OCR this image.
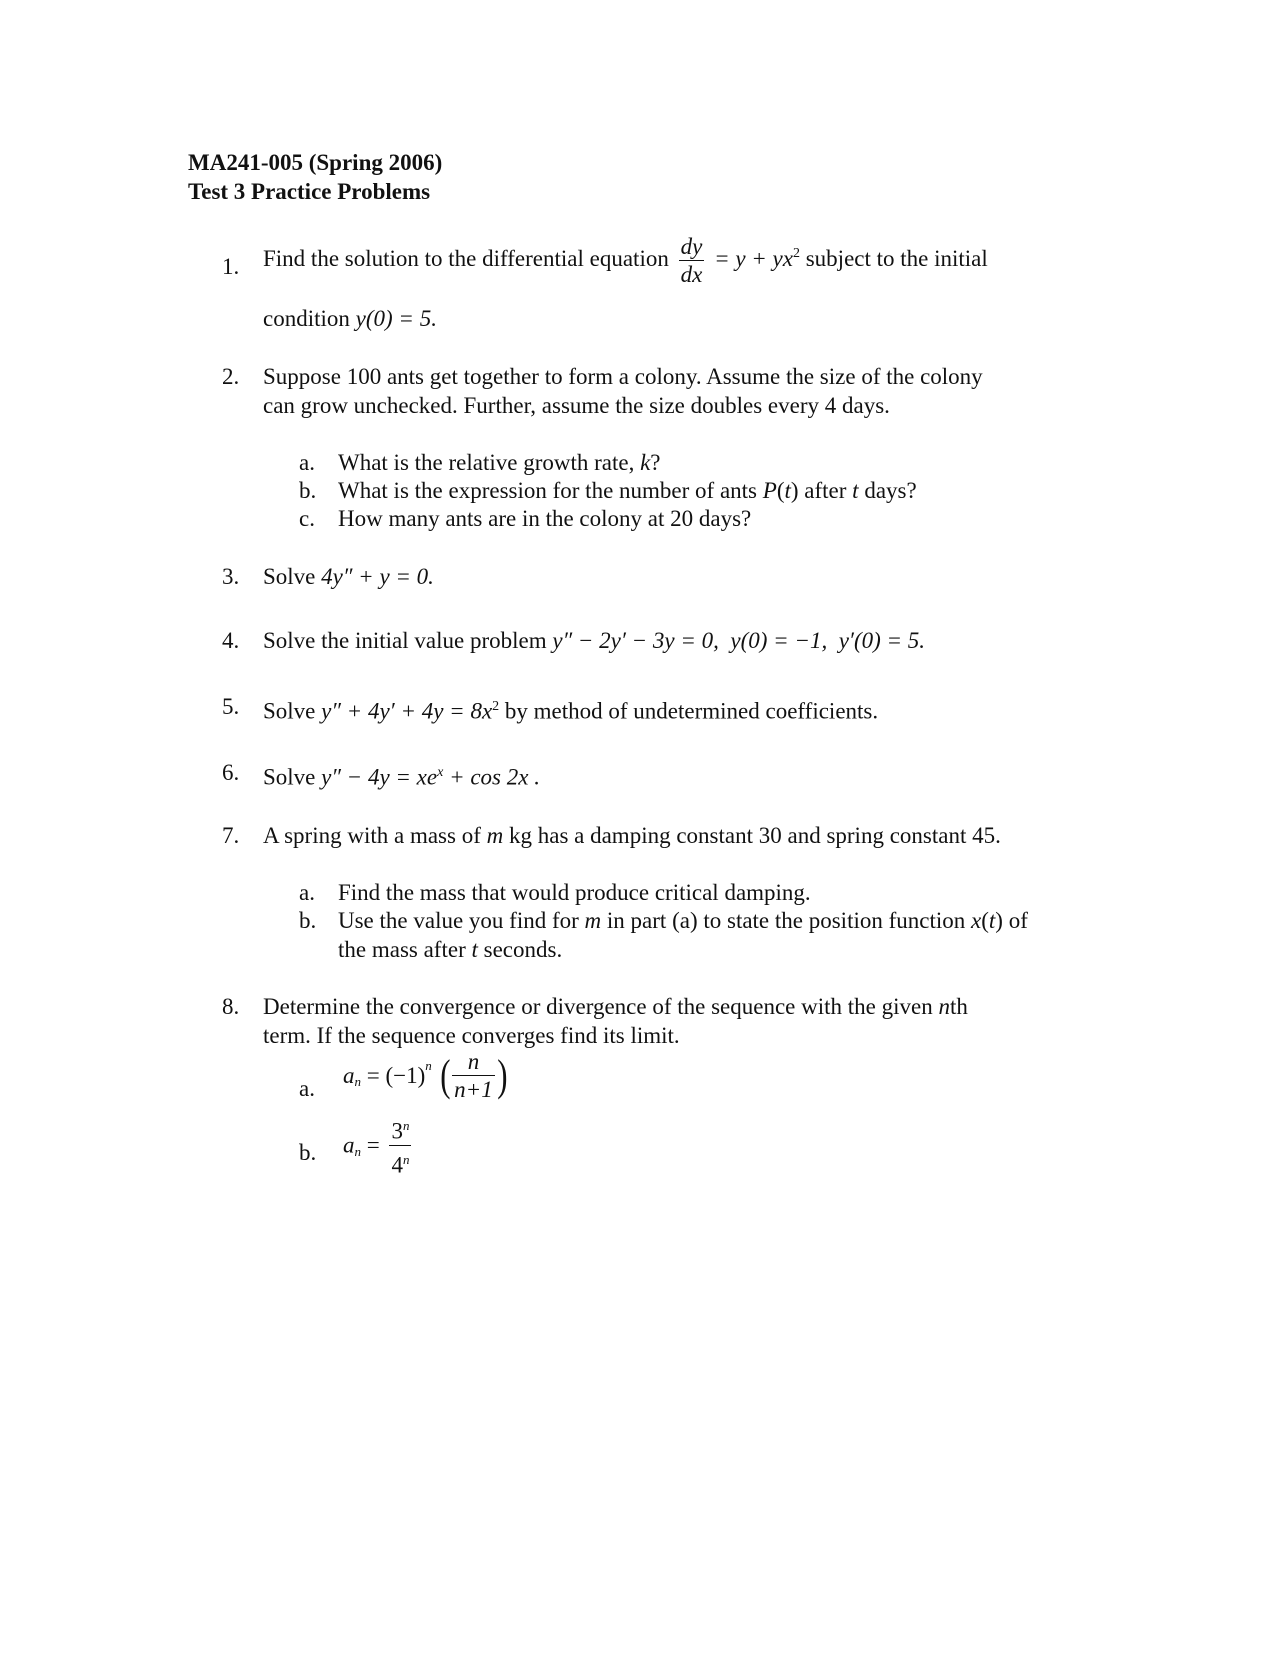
MA241-005 (Spring 2006)
Test 3 Practice Problems
1.	Find the solution to the differential equation $\frac{dy}{dx} = y + yx^2$ subject to the initial
condition y(0) = 5.
2.	Suppose 100 ants get together to form a colony. Assume the size of the colony
can grow unchecked. Further, assume the size doubles every 4 days.
a.	What is the relative growth rate, k?
b. What is the expression for the number of ants P(t) after t days?
c.	How many ants are in the colony at 20 days?
3.	Solve 4y″ + y = 0.
4.	Solve the initial value problem y″ − 2y′ − 3y = 0,  y(0) = −1,  y′(0) = 5.
5.	Solve $y'' + 4y' + 4y = 8x^2$ by method of undetermined coefficients.
6.	Solve $y'' - 4y = xe^x + \cos 2x$ .
7.	A spring with a mass of m kg has a damping constant 30 and spring constant 45.
a.	Find the mass that would produce critical damping.
b. Use the value you find for m in part (a) to state the position function x(t) of
the mass after t seconds.
8.	Determine the convergence or divergence of the sequence with the given nth
term. If the sequence converges find its limit.
a.
$a_n = (-1)^n$ ( $\frac{n}{n+1}$ )
b.	$a_n = \frac{3^n}{4^n}$
